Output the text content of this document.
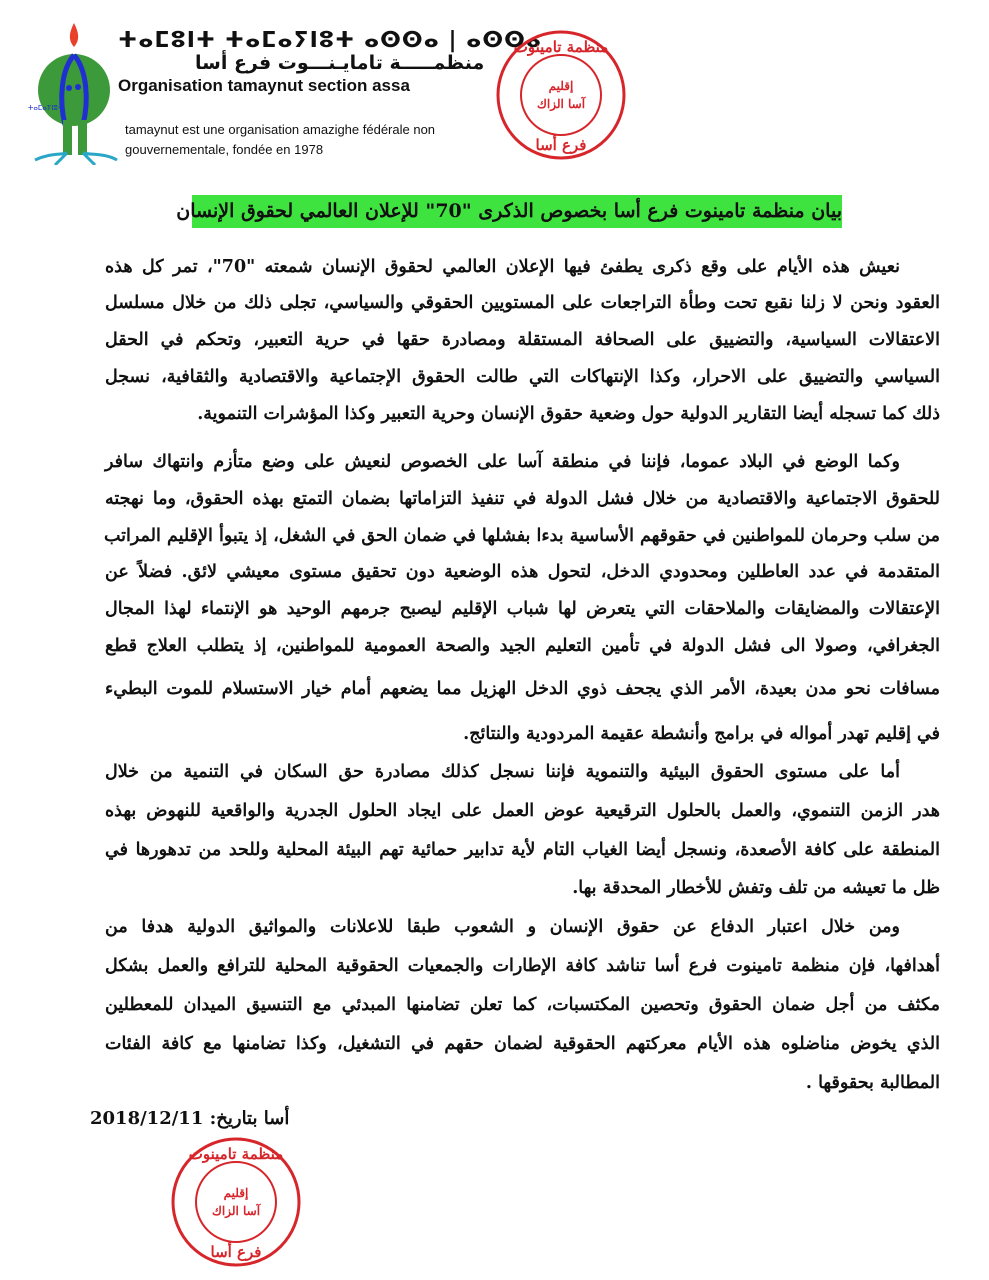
ⵜⴰⵎⴰⵢⵏⵓⵜ
ⵜⴰⵎⵓⵏⵜ ⵜⴰⵎⴰⵢⵏⵓⵜ ⴰⵙⵙⴰ | ⴰⵙⵙⴰ
منظمـــــة تامايـنـــوت فرع أسا
Organisation tamaynut section assa
tamaynut est une organisation amazighe fédérale non gouvernementale, fondée en 1978
منظمة تامينوت
إقليم
آسا الزاك
فرع أسا
منظمة تامينوت
إقليم
آسا الزاك
فرع أسا
بيان منظمة تامينوت فرع أسا بخصوص الذكرى "70" للإعلان العالمي لحقوق الإنسان
نعيش هذه الأيام على وقع ذكرى يطفئ فيها الإعلان العالمي لحقوق الإنسان شمعته "70"، تمر كل هذه
العقود ونحن لا زلنا نقبع تحت وطأة التراجعات على المستويين الحقوقي والسياسي، تجلى ذلك من خلال مسلسل
الاعتقالات السياسية، والتضييق على الصحافة المستقلة ومصادرة حقها في حرية التعبير، وتحكم في الحقل
السياسي والتضييق على الاحرار، وكذا الإنتهاكات التي طالت الحقوق الإجتماعية والاقتصادية والثقافية، نسجل
ذلك كما تسجله أيضا التقارير الدولية حول وضعية حقوق الإنسان وحرية التعبير وكذا المؤشرات التنموية.
وكما الوضع في البلاد عموما، فإننا في منطقة آسا على الخصوص لنعيش على وضع متأزم وانتهاك سافر
للحقوق الاجتماعية والاقتصادية من خلال فشل الدولة في تنفيذ التزاماتها بضمان التمتع بهذه الحقوق، وما نهجته
من سلب وحرمان للمواطنين في حقوقهم الأساسية بدءا بفشلها في ضمان الحق في الشغل، إذ يتبوأ الإقليم المراتب
المتقدمة في عدد العاطلين ومحدودي الدخل، لتحول هذه الوضعية دون تحقيق مستوى معيشي لائق. فضلاً عن
الإعتقالات والمضايقات والملاحقات التي يتعرض لها شباب الإقليم ليصبح جرمهم الوحيد هو الإنتماء لهذا المجال
الجغرافي، وصولا الى فشل الدولة في تأمين التعليم الجيد والصحة العمومية للمواطنين، إذ يتطلب العلاج قطع
مسافات نحو مدن بعيدة، الأمر الذي يجحف ذوي الدخل الهزيل مما يضعهم أمام خيار الاستسلام للموت البطيء
في إقليم تهدر أمواله في برامج وأنشطة عقيمة المردودية والنتائج.
أما على مستوى الحقوق البيئية والتنموية فإننا نسجل كذلك مصادرة حق السكان في التنمية من خلال
هدر الزمن التنموي، والعمل بالحلول الترقيعية عوض العمل على ايجاد الحلول الجدرية والواقعية للنهوض بهذه
المنطقة على كافة الأصعدة، ونسجل أيضا الغياب التام لأية تدابير حمائية تهم البيئة المحلية وللحد من تدهورها في
ظل ما تعيشه من تلف وتفش للأخطار المحدقة بها.
ومن خلال اعتبار الدفاع عن حقوق الإنسان و الشعوب طبقا للاعلانات والمواثيق الدولية هدفا من
أهدافها، فإن منظمة تامينوت فرع أسا تناشد كافة الإطارات والجمعيات الحقوقية المحلية للترافع والعمل بشكل
مكثف من أجل ضمان الحقوق وتحصين المكتسبات، كما تعلن تضامنها المبدئي مع التنسيق الميدان للمعطلين
الذي يخوض مناضلوه هذه الأيام معركتهم الحقوقية لضمان حقهم في التشغيل، وكذا تضامنها مع كافة الفئات
المطالبة بحقوقها .
أسا بتاريخ: 2018/12/11
